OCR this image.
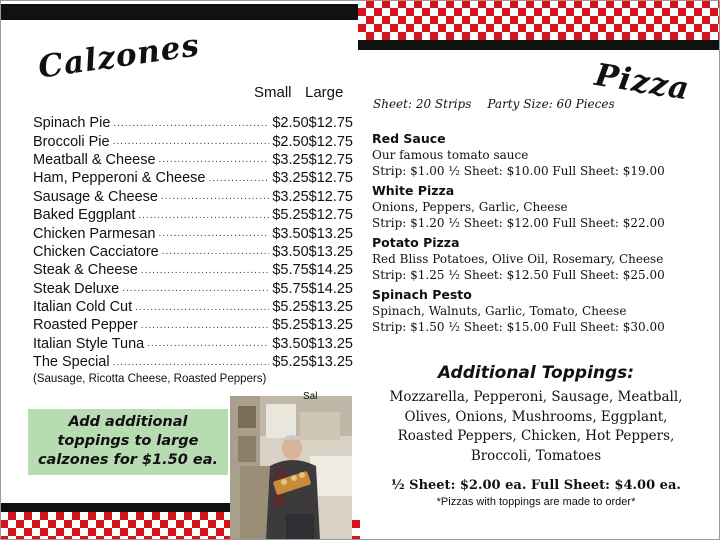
Calzones
Small Large
Spinach Pie .....	$2.50 $12.75
Broccoli Pie .....	$2.50 $12.75
Meatball & Cheese .....	$3.25 $12.75
Ham, Pepperoni & Cheese .....	$3.25 $12.75
Sausage & Cheese .....	$3.25 $12.75
Baked Eggplant .....	$5.25 $12.75
Chicken Parmesan .....	$3.50 $13.25
Chicken Cacciatore .....	$3.50 $13.25
Steak & Cheese .....	$5.75 $14.25
Steak Deluxe .....	$5.75 $14.25
Italian Cold Cut .....	$5.25 $13.25
Roasted Pepper .....	$5.25 $13.25
Italian Style Tuna .....	$3.50 $13.25
The Special .....	$5.25 $13.25
(Sausage, Ricotta Cheese, Roasted Peppers)
Add additional
toppings to large
calzones for $1.50 ea.
Sal
Pizza
Sheet: 20 Strips Party Size: 60 Pieces
Red Sauce
Our famous tomato sauce
Strip: $1.00 ½ Sheet: $10.00 Full Sheet: $19.00
White Pizza
Onions, Peppers, Garlic, Cheese
Strip: $1.20 ½ Sheet: $12.00 Full Sheet: $22.00
Potato Pizza
Red Bliss Potatoes, Olive Oil, Rosemary, Cheese
Strip: $1.25 ½ Sheet: $12.50 Full Sheet: $25.00
Spinach Pesto
Spinach, Walnuts, Garlic, Tomato, Cheese
Strip: $1.50 ½ Sheet: $15.00 Full Sheet: $30.00
Additional Toppings:
Mozzarella, Pepperoni, Sausage, Meatball, Olives, Onions, Mushrooms, Eggplant, Roasted Peppers, Chicken, Hot Peppers, Broccoli, Tomatoes
½ Sheet: $2.00 ea. Full Sheet: $4.00 ea.
*Pizzas with toppings are made to order*
